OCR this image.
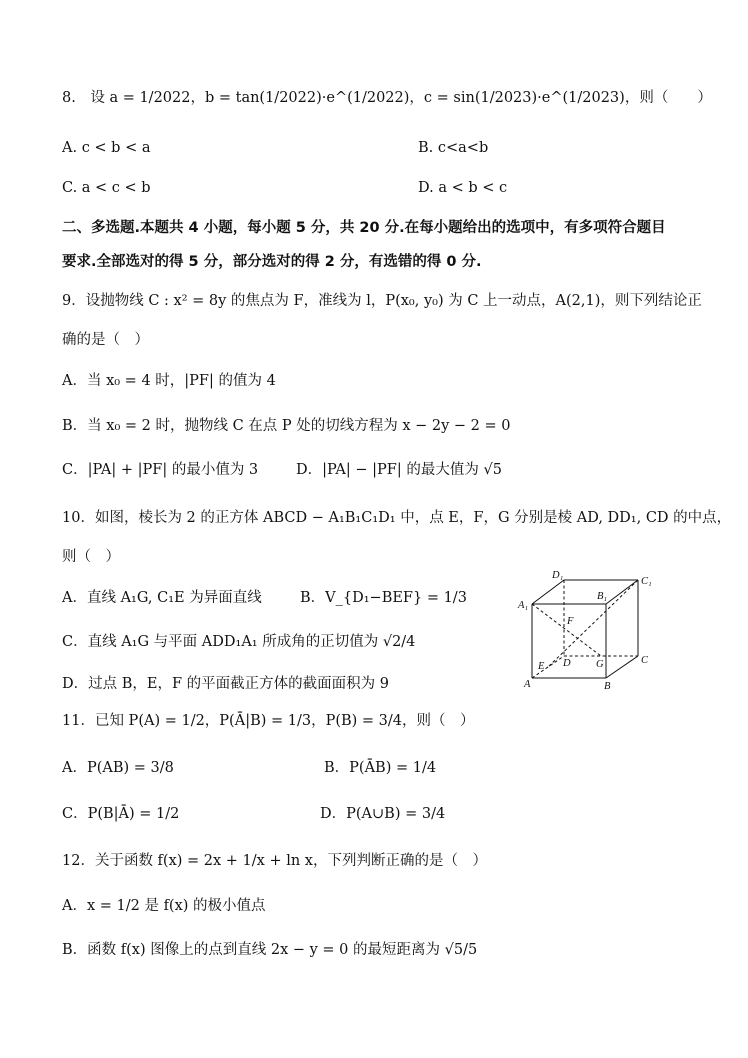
8.　设 a = 1/2022，b = tan(1/2022)·e^(1/2022)，c = sin(1/2023)·e^(1/2023)，则（　　）
A. c < b < a	B. c<a<b
C. a < c < b	D. a < b < c
二、多选题.本题共 4 小题，每小题 5 分，共 20 分.在每小题给出的选项中，有多项符合题目
要求.全部选对的得 5 分，部分选对的得 2 分，有选错的得 0 分.
9．设抛物线 C : x² = 8y 的焦点为 F，准线为 l，P(x₀, y₀) 为 C 上一动点，A(2,1)，则下列结论正
确的是（　）
A．当 x₀ = 4 时，|PF| 的值为 4
B．当 x₀ = 2 时，抛物线 C 在点 P 处的切线方程为 x − 2y − 2 = 0
C．|PA| + |PF| 的最小值为 3	D．|PA| − |PF| 的最大值为 √5
10．如图，棱长为 2 的正方体 ABCD − A₁B₁C₁D₁ 中，点 E，F，G 分别是棱 AD, DD₁, CD 的中点，
则（　）
A．直线 A₁G, C₁E 为异面直线	B．V_{D₁−BEF} = 1/3
C．直线 A₁G 与平面 ADD₁A₁ 所成角的正切值为 √2/4
D．过点 B，E，F 的平面截正方体的截面面积为 9
D₁
C₁
A₁
B₁
F
E D G	C
A	B
11．已知 P(A) = 1/2，P(Ā|B) = 1/3，P(B) = 3/4，则（　）
A．P(AB) = 3/8	B．P(ĀB) = 1/4
C．P(B|Ā) = 1/2	D．P(A∪B) = 3/4
12．关于函数 f(x) = 2x + 1/x + ln x，下列判断正确的是（　）
A．x = 1/2 是 f(x) 的极小值点
B．函数 f(x) 图像上的点到直线 2x − y = 0 的最短距离为 √5/5
